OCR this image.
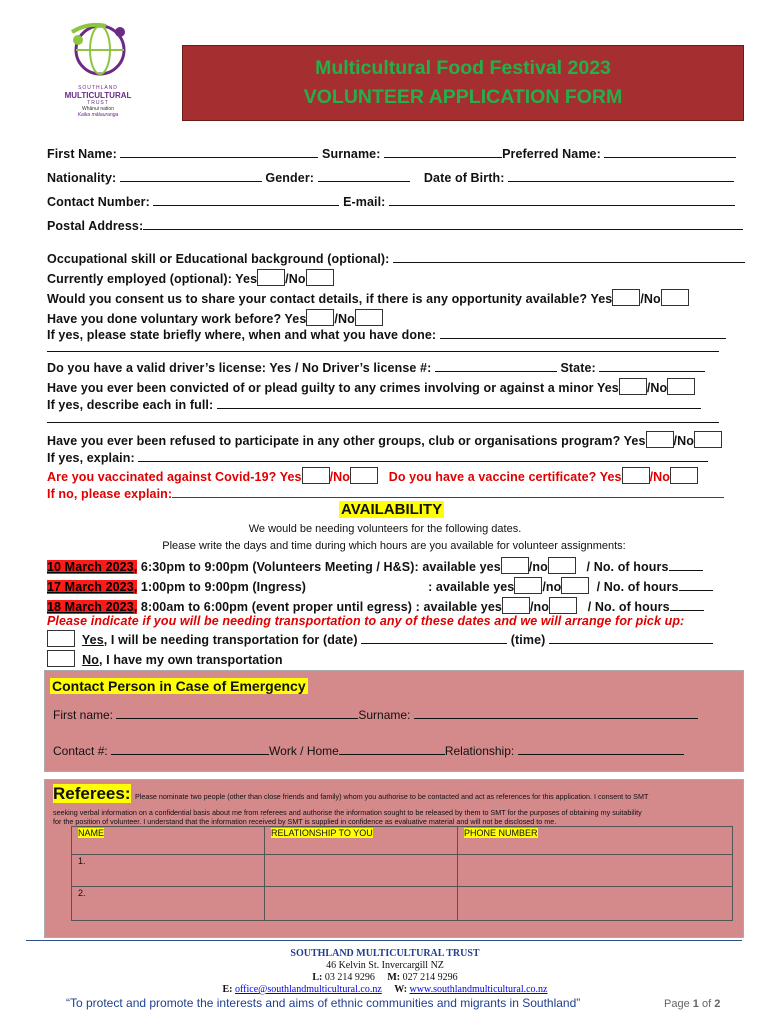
SOUTHLAND
MULTICULTURAL
TRUST
Whānui nation
Kaika mātauranga
Multicultural Food Festival 2023
VOLUNTEER APPLICATION FORM
First Name:	Surname:	Preferred Name:
Nationality:	Gender:	Date of Birth:
Contact Number:	E-mail:
Postal Address:
Occupational skill or Educational background (optional):
Currently employed (optional): Yes /No
Would you consent us to share your contact details, if there is any opportunity available? Yes /No
Have you done voluntary work before? Yes /No
If yes, please state briefly where, when and what you have done:
Do you have a valid driver’s license: Yes / No Driver’s license #:	State:
Have you ever been convicted of or plead guilty to any crimes involving or against a minor Yes /No
If yes, describe each in full:
Have you ever been refused to participate in any other groups, club or organisations program? Yes /No
If yes, explain:
Are you vaccinated against Covid-19? Yes /No	Do you have a vaccine certificate? Yes /No
If no, please explain:
AVAILABILITY
We would be needing volunteers for the following dates.
Please write the days and time during which hours are you available for volunteer assignments:
10 March 2023, 6:30pm to 9:00pm (Volunteers Meeting / H&S): available yes /no	/ No. of hours
17 March 2023, 1:00pm to 9:00pm (Ingress)	: available yes /no	/ No. of hours
18 March 2023, 8:00am to 6:00pm (event proper until egress) : available yes /no	/ No. of hours
Please indicate if you will be needing transportation to any of these dates and we will arrange for pick up:
Yes, I will be needing transportation for (date)	(time)
No, I have my own transportation
Contact Person in Case of Emergency
First name:	Surname:
Contact #:	Work / Home	Relationship:
Referees: Please nominate two people (other than close friends and family) whom you authorise to be contacted and act as references for this application. I consent to SMT
seeking verbal information on a confidential basis about me from referees and authorise the information sought to be released by them to SMT for the purposes of obtaining my suitability
for the position of volunteer. I understand that the information received by SMT is supplied in confidence as evaluative material and will not be disclosed to me.
NAME	RELATIONSHIP TO YOU	PHONE NUMBER
1.		
2.		
SOUTHLAND MULTICULTURAL TRUST
46 Kelvin St. Invercargill NZ
L: 03 214 9296 M: 027 214 9296
E: office@southlandmulticultural.co.nz W: www.southlandmulticultural.co.nz
“To protect and promote the interests and aims of ethnic communities and migrants in Southland”	Page 1 of 2
